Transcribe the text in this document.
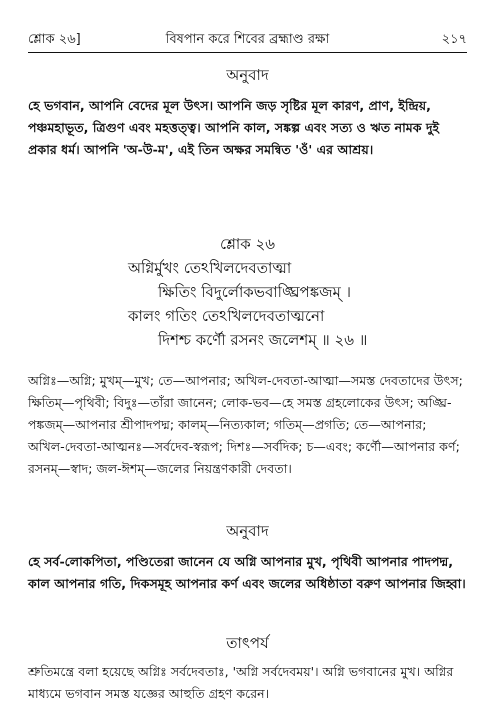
শ্লোক ২৬]	বিষপান করে শিবের ব্রহ্মাণ্ড রক্ষা	২১৭
অনুবাদ
হে ভগবান, আপনি বেদের মূল উৎস। আপনি জড় সৃষ্টির মূল কারণ, প্রাণ, ইন্দ্রিয়, পঞ্চমহাভূত, ত্রিগুণ এবং মহত্তত্ত্ব। আপনি কাল, সঙ্কল্প এবং সত্য ও ঋত নামক দুই প্রকার ধর্ম। আপনি 'অ-উ-ম', এই তিন অক্ষর সমন্বিত 'ওঁ' এর আশ্রয়।
শ্লোক ২৬
অগ্নির্মুখং তেঽখিলদেবতাত্মা
ক্ষিতিং বিদুর্লোকভবাঙ্ঘ্রিপঙ্কজম্ ।
কালং গতিং তেঽখিলদেবতাত্মনো
দিশশ্চ কর্ণৌ রসনং জলেশম্ ॥ ২৬ ॥
অগ্নিঃ—অগ্নি; মুখম্—মুখ; তে—আপনার; অখিল-দেবতা-আত্মা—সমস্ত দেবতাদের উৎস; ক্ষিতিম্—পৃথিবী; বিদুঃ—তাঁরা জানেন; লোক-ভব—হে সমস্ত গ্রহলোকের উৎস; অঙ্ঘ্রি-পঙ্কজম্—আপনার শ্রীপাদপদ্ম; কালম্—নিত্যকাল; গতিম্—প্রগতি; তে—আপনার; অখিল-দেবতা-আত্মনঃ—সর্বদেব-স্বরূপ; দিশঃ—সর্বদিক; চ—এবং; কর্ণৌ—আপনার কর্ণ; রসনম্—স্বাদ; জল-ঈশম্—জলের নিয়ন্ত্রণকারী দেবতা।
অনুবাদ
হে সর্ব-লোকপিতা, পণ্ডিতেরা জানেন যে অগ্নি আপনার মুখ, পৃথিবী আপনার পাদপদ্ম, কাল আপনার গতি, দিকসমূহ আপনার কর্ণ এবং জলের অধিষ্ঠাতা বরুণ আপনার জিহ্বা।
তাৎপর্য
শ্রুতিমন্ত্রে বলা হয়েছে অগ্নিঃ সর্বদেবতাঃ, 'অগ্নি সর্বদেবময়'। অগ্নি ভগবানের মুখ। অগ্নির মাধ্যমে ভগবান সমস্ত যজ্ঞের আহুতি গ্রহণ করেন।
